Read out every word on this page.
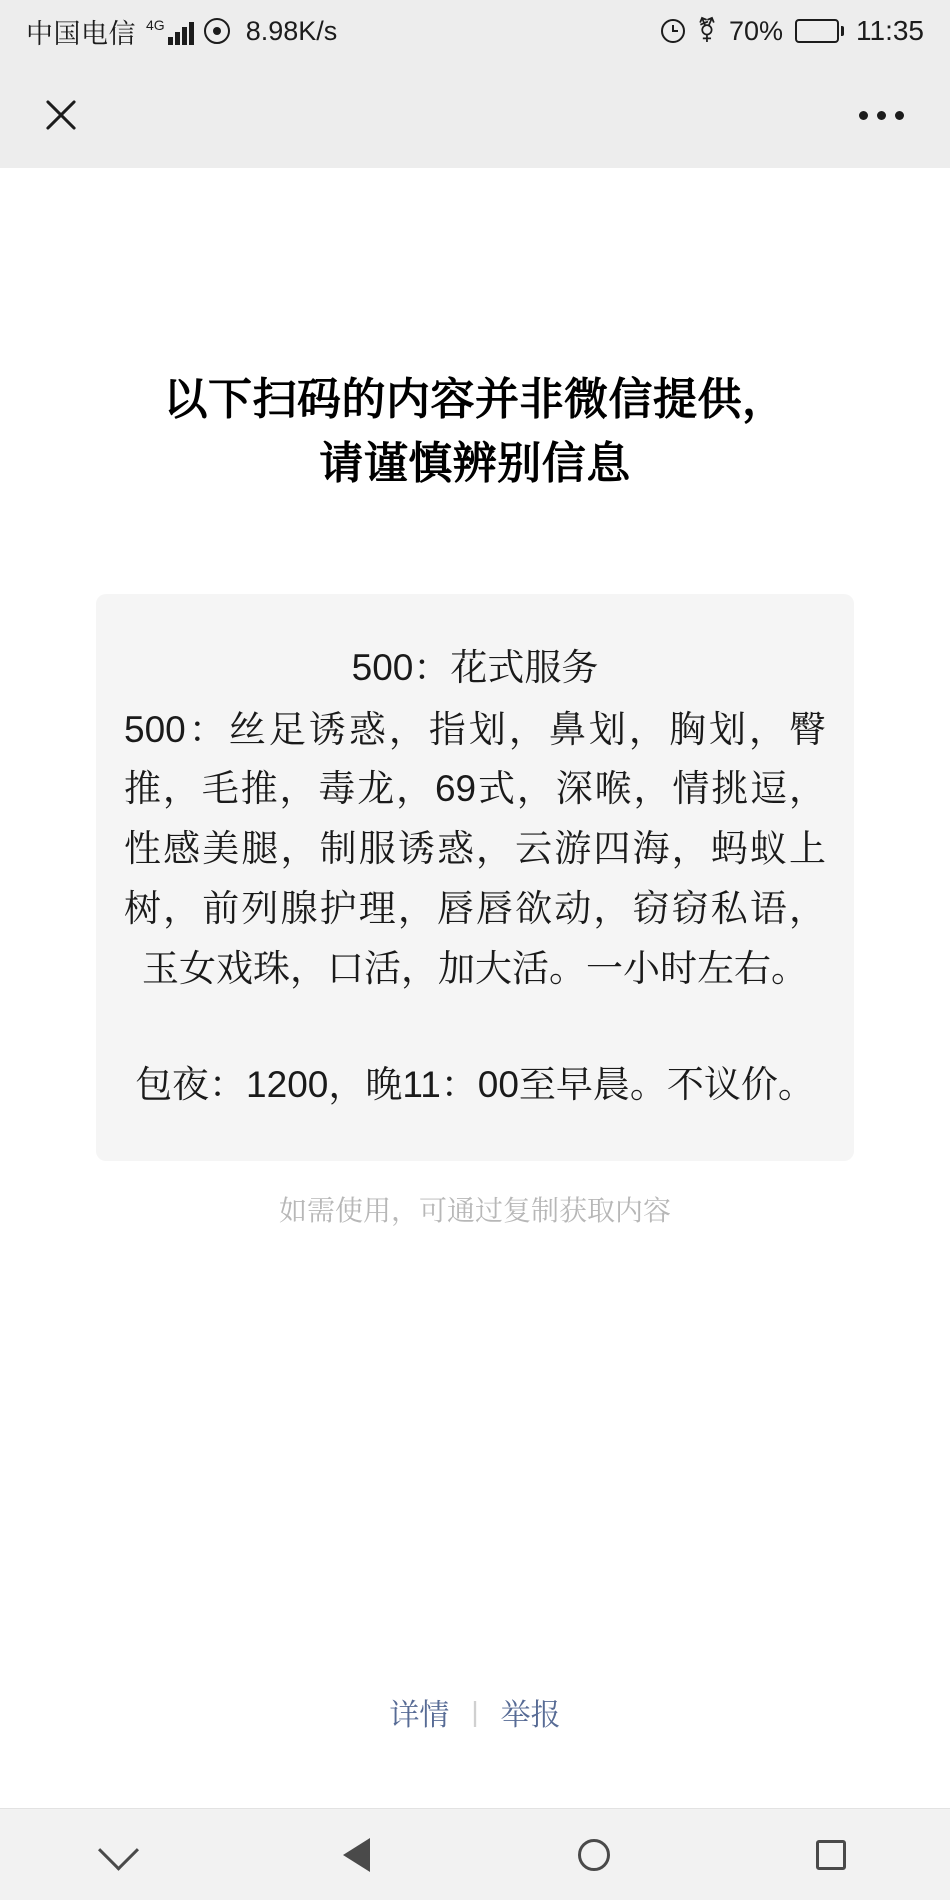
中国电信 4G	8.98K/s	⚧ 70%	11:35
以下扫码的内容并非微信提供，
请谨慎辨别信息
500：花式服务
500：丝足诱惑，指划，鼻划，胸划，臀推，毛推，毒龙，69式，深喉，情挑逗，性感美腿，制服诱惑，云游四海，蚂蚁上树，前列腺护理，唇唇欲动，窃窃私语，玉女戏珠，口活，加大活。一小时左右。
包夜：1200，晚11：00至早晨。不议价。
如需使用，可通过复制获取内容
详情 | 举报
